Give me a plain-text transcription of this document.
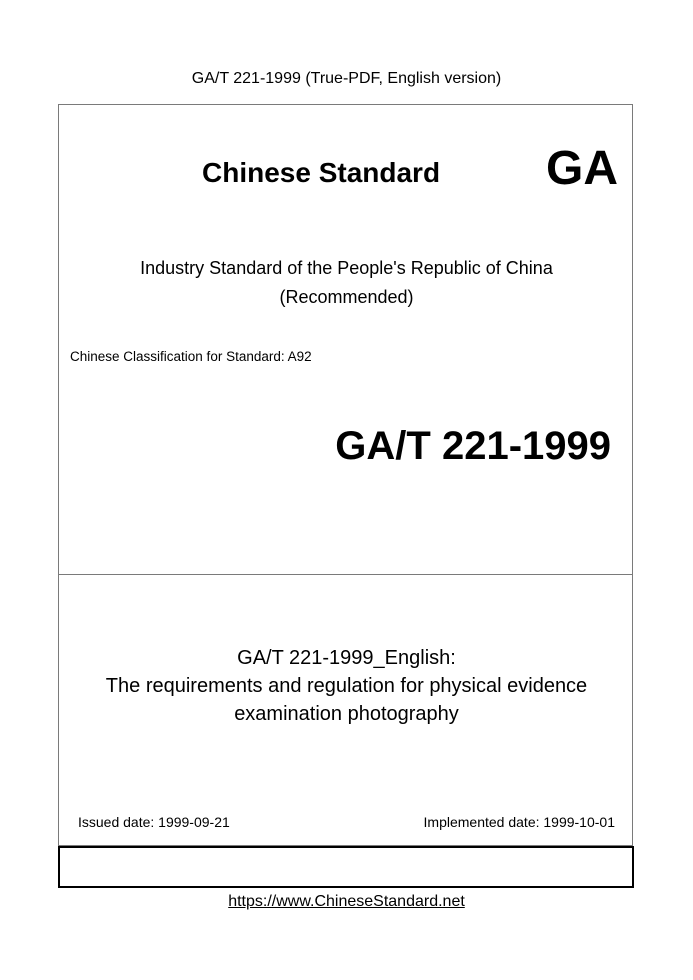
GA/T 221-1999 (True-PDF, English version)
Chinese Standard GA
Industry Standard of the People's Republic of China
(Recommended)
Chinese Classification for Standard: A92
GA/T 221-1999
GA/T 221-1999_English:
The requirements and regulation for physical evidence
examination photography
Issued date: 1999-09-21	Implemented date: 1999-10-01
https://www.ChineseStandard.net
